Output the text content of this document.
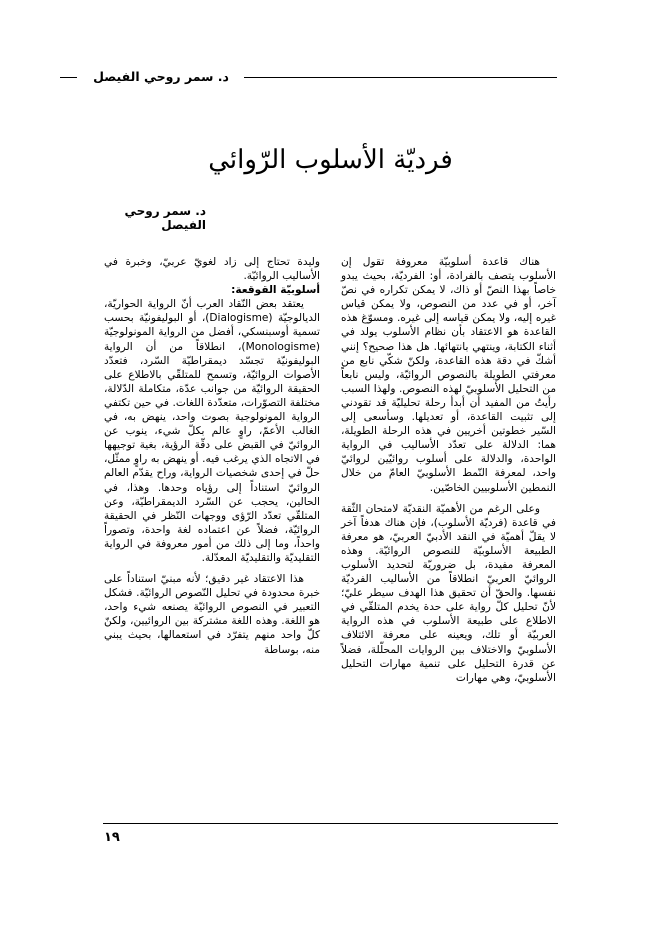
د. سمر روحي الفيصل
فرديّة الأسلوب الرّوائي
د. سمر روحي الفيصل

هناك قاعدة أسلوبيّة معروفة تقول إن الأسلوب يتصف بالفرادة، أو: الفرديّة، بحيث يبدو خاصاً بهذا النصّ أو ذاك، لا يمكن تكراره في نصّ آخر، أو في عدد من النصوص، ولا يمكن قياس غيره إليه، ولا يمكن قياسه إلى غيره. ومسوّغ هذه القاعدة هو الاعتقاد بأن نظام الأسلوب يولد في أثناء الكتابة، وينتهي بانتهائها. هل هذا صحيح؟ إنني أشكّ في دقة هذه القاعدة، ولكنّ شكّي نابع من معرفتي الطويلة بالنصوص الروائيّة، وليس نابعاً من التحليل الأسلوبيّ لهذه النصوص. ولهذا السبب رأيتُ من المفيد أن أبدأ رحلة تحليليّة قد تقودني إلى تثبيت القاعدة، أو تعديلها. وسأسعى إلى السّير خطوتين أخريين في هذه الرحلة الطويلة، هما: الدلالة على تعدّد الأساليب في الرواية الواحدة، والدلالة على أسلوب روائيّين لروائيّ واحد، لمعرفة النّمط الأسلوبيّ العامّ من خلال النمطين الأسلوبيين الخاصّين.

وعلى الرغم من الأهميّة النقديّة لامتحان الثّقة في قاعدة (فرديّة الأسلوب)، فإن هناك هدفاً آخر لا يقلّ أهميّة في النقد الأدبيّ العربيّ، هو معرفة الطبيعة الأسلوبيّة للنصوص الروائيّة. وهذه المعرفة مفيدة، بل ضروريّة لتحديد الأسلوب الروائيّ العربيّ انطلاقاً من الأساليب الفرديّة نفسها. والحقّ أن تحقيق هذا الهدف سيطر عليّ؛ لأنّ تحليل كلّ رواية على حدة يخدم المتلقّي في الاطلاع على طبيعة الأسلوب في هذه الرواية العربيّة أو تلك، ويعينه على معرفة الائتلاف الأسلوبيّ والاختلاف بين الروايات المحلّلة، فضلاً عن قدرة التحليل على تنمية مهارات التحليل الأسلوبيّ، وهي مهارات

وليدة تحتاج إلى زاد لغويّ عربيّ، وخبرة في الأساليب الروائيّة.

أسلوبيّة القوقعة:

يعتقد بعض النّقاد العرب أنّ الرواية الحواريّة، الديالوجيّة (Dialogisme)، أو البوليفونيّة بحسب تسمية أوسبنسكي، أفضل من الرواية المونولوجيّة (Monologisme)، انطلاقاً من أن الرواية البوليفونيّة تجسّد ديمقراطيّة السّرد، فتعدّد الأصوات الروائيّة، وتسمح للمتلقّي بالاطلاع على الحقيقة الروائيّة من جوانب عدّة، متكاملة الدّلالة، مختلفة التصوّرات، متعدّدة اللغات. في حين تكتفي الرواية المونولوجية بصوت واحد، ينهض به، في الغالب الأعمّ، راوٍ عالم بكلّ شيء، ينوب عن الروائيّ في القبض على دقّة الرؤية، بغية توجيهها في الاتجاه الذي يرغب فيه. أو ينهض به راوٍ ممثّل، حلّ في إحدى شخصيات الرواية، وراح يقدّم العالم الروائيّ استناداً إلى رؤياه وحدها. وهذا، في الحالين، يحجب عن السّرد الديمقراطيّة، وعن المتلقّي تعدّد الرّؤى ووجهات النّظر في الحقيقة الروائيّة، فضلاً عن اعتماده لغة واحدة، وتصوراً واحداً، وما إلى ذلك من أمور معروفة في الرواية التقليديّة والتقليديّة المعدّلة.

هذا الاعتقاد غير دقيق؛ لأنه مبنيّ استناداً على خبرة محدودة في تحليل النّصوص الروائيّة. فشكل التعبير في النصوص الروائيّة يصنعه شيء واحد، هو اللغة. وهذه اللغة مشتركة بين الروائيين، ولكنّ كلّ واحد منهم يتفرّد في استعمالها، بحيث يبني منه، بوساطة

١٩
